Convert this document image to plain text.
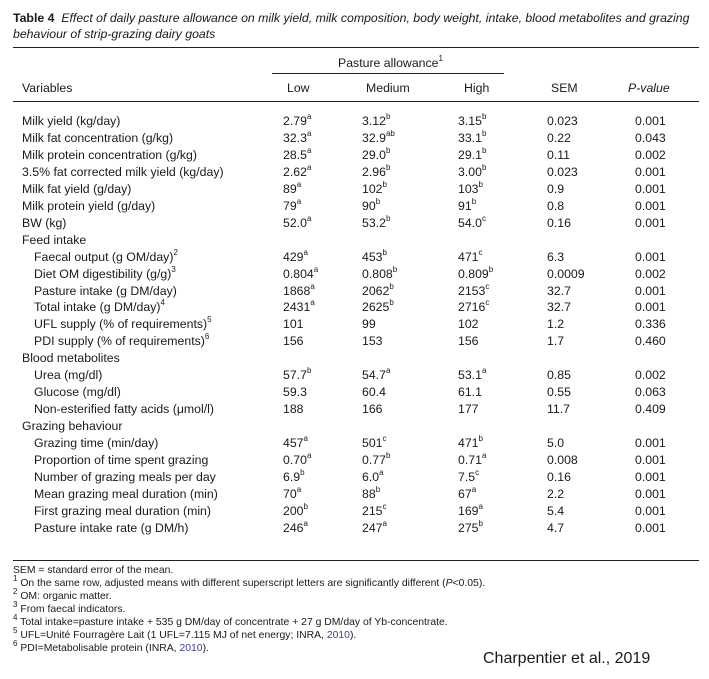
Table 4 Effect of daily pasture allowance on milk yield, milk composition, body weight, intake, blood metabolites and grazing behaviour of strip-grazing dairy goats
Pasture allowance$^1$
Variables	Low	Medium	High	SEM	P-value
Milk yield (kg/day)	2.79$^a$	3.12$^b$	3.15$^b$	0.023	0.001
Milk fat concentration (g/kg)	32.3$^a$	32.9$^{ab}$	33.1$^b$	0.22	0.043
Milk protein concentration (g/kg)	28.5$^a$	29.0$^b$	29.1$^b$	0.11	0.002
3.5% fat corrected milk yield (kg/day)	2.62$^a$	2.96$^b$	3.00$^b$	0.023	0.001
Milk fat yield (g/day)	89$^a$	102$^b$	103$^b$	0.9	0.001
Milk protein yield (g/day)	79$^a$	90$^b$	91$^b$	0.8	0.001
BW (kg)	52.0$^a$	53.2$^b$	54.0$^c$	0.16	0.001
Feed intake
Faecal output (g OM/day)$^2$	429$^a$	453$^b$	471$^c$	6.3	0.001
Diet OM digestibility $(g/g)^3$	0.804$^a$	0.808$^b$	0.809$^b$	0.0009	0.002
Pasture intake (g DM/day)	1868$^a$	2062$^b$	2153$^c$	32.7	0.001
Total intake (g DM/day)$^4$	2431$^a$	2625$^b$	2716$^c$	32.7	0.001
UFL supply (% of requirements)$^5$	101	99	102	1.2	0.336
PDI supply (% of requirements)$^6$	156	153	156	1.7	0.460
Blood metabolites
Urea (mg/dl)	57.7$^b$	54.7$^a$	53.1$^a$	0.85	0.002
Glucose (mg/dl)	59.3	60.4	61.1	0.55	0.063
Non-esterified fatty acids (μmol/l)	188	166	177	11.7	0.409
Grazing behaviour
Grazing time (min/day)	457$^a$	501$^c$	471$^b$	5.0	0.001
Proportion of time spent grazing	0.70$^a$	0.77$^b$	0.71$^a$	0.008	0.001
Number of grazing meals per day	6.9$^b$	6.0$^a$	7.5$^c$	0.16	0.001
Mean grazing meal duration (min)	70$^a$	88$^b$	67$^a$	2.2	0.001
First grazing meal duration (min)	200$^b$	215$^c$	169$^a$	5.4	0.001
Pasture intake rate (g DM/h)	246$^a$	247$^a$	275$^b$	4.7	0.001
SEM = standard error of the mean.
$^1$ On the same row, adjusted means with different superscript letters are significantly different (P<0.05).
$^2$ OM: organic matter.
$^3$ From faecal indicators.
$^4$ Total intake=pasture intake + 535 g DM/day of concentrate + 27 g DM/day of Yb-concentrate.
$^5$ UFL=Unité Fourragère Lait (1 UFL=7.115 MJ of net energy; INRA, 2010).
$^6$ PDI=Metabolisable protein (INRA, 2010).
Charpentier et al., 2019
